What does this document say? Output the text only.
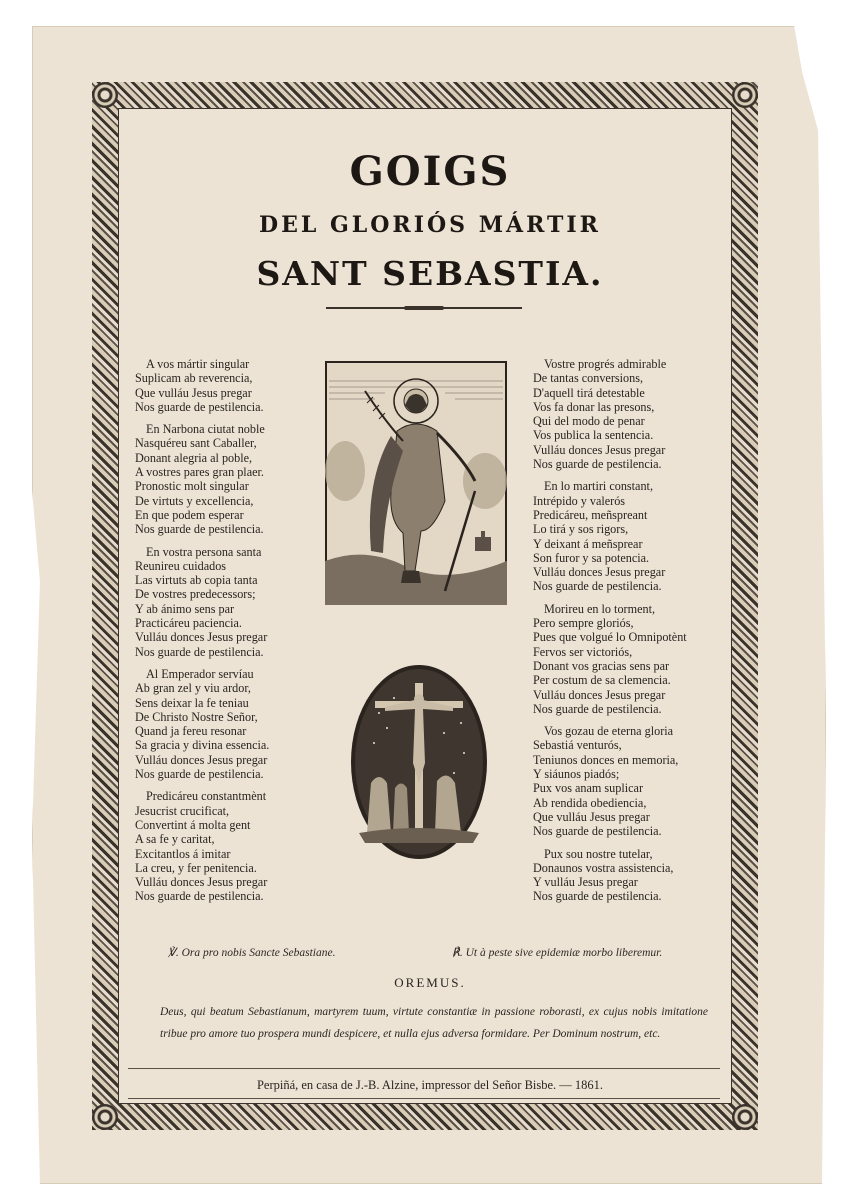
GOIGS
DEL GLORIÓS MÁRTIR
SANT SEBASTIA.

A vos mártir singular

Suplicam ab reverencia,

Que vulláu Jesus pregar

Nos guarde de pestilencia.

En Narbona ciutat noble

Nasquéreu sant Caballer,

Donant alegria al poble,

A vostres pares gran plaer.

Pronostic molt singular

De virtuts y excellencia,

En que podem esperar

Nos guarde de pestilencia.

En vostra persona santa

Reunireu cuidados

Las virtuts ab copia tanta

De vostres predecessors;

Y ab ánimo sens par

Practicáreu paciencia.

Vulláu donces Jesus pregar

Nos guarde de pestilencia.

Al Emperador servíau

Ab gran zel y viu ardor,

Sens deixar la fe teniau

De Christo Nostre Señor,

Quand ja fereu resonar

Sa gracia y divina essencia.

Vulláu donces Jesus pregar

Nos guarde de pestilencia.

Predicáreu constantmènt

Jesucrist crucificat,

Convertint á molta gent

A sa fe y caritat,

Excitantlos á imitar

La creu, y fer penitencia.

Vulláu donces Jesus pregar

Nos guarde de pestilencia.

Vostre progrés admirable

De tantas conversions,

D'aquell tirá detestable

Vos fa donar las presons,

Qui del modo de penar

Vos publica la sentencia.

Vulláu donces Jesus pregar

Nos guarde de pestilencia.

En lo martiri constant,

Intrépido y valerós

Predicáreu, meñspreant

Lo tirá y sos rigors,

Y deixant á meñsprear

Son furor y sa potencia.

Vulláu donces Jesus pregar

Nos guarde de pestilencia.

Morireu en lo torment,

Pero sempre gloriós,

Pues que volgué lo Omnipotènt

Fervos ser victoriós,

Donant vos gracias sens par

Per costum de sa clemencia.

Vulláu donces Jesus pregar

Nos guarde de pestilencia.

Vos gozau de eterna gloria

Sebastiá venturós,

Teniunos donces en memoria,

Y siáunos piadós;

Pux vos anam suplicar

Ab rendida obediencia,

Que vulláu Jesus pregar

Nos guarde de pestilencia.

Pux sou nostre tutelar,

Donaunos vostra assistencia,

Y vulláu Jesus pregar

Nos guarde de pestilencia.

℣. Ora pro nobis Sancte Sebastiane.	℟. Ut à peste sive epidemiæ morbo liberemur.
OREMUS.
Deus, qui beatum Sebastianum, martyrem tuum, virtute constantiæ in passione roborasti, ex cujus nobis imitatione tribue pro amore tuo prospera mundi despicere, et nulla ejus adversa formidare. Per Dominum nostrum, etc.
Perpiñá, en casa de J.-B. Alzine, impressor del Señor Bisbe. — 1861.
